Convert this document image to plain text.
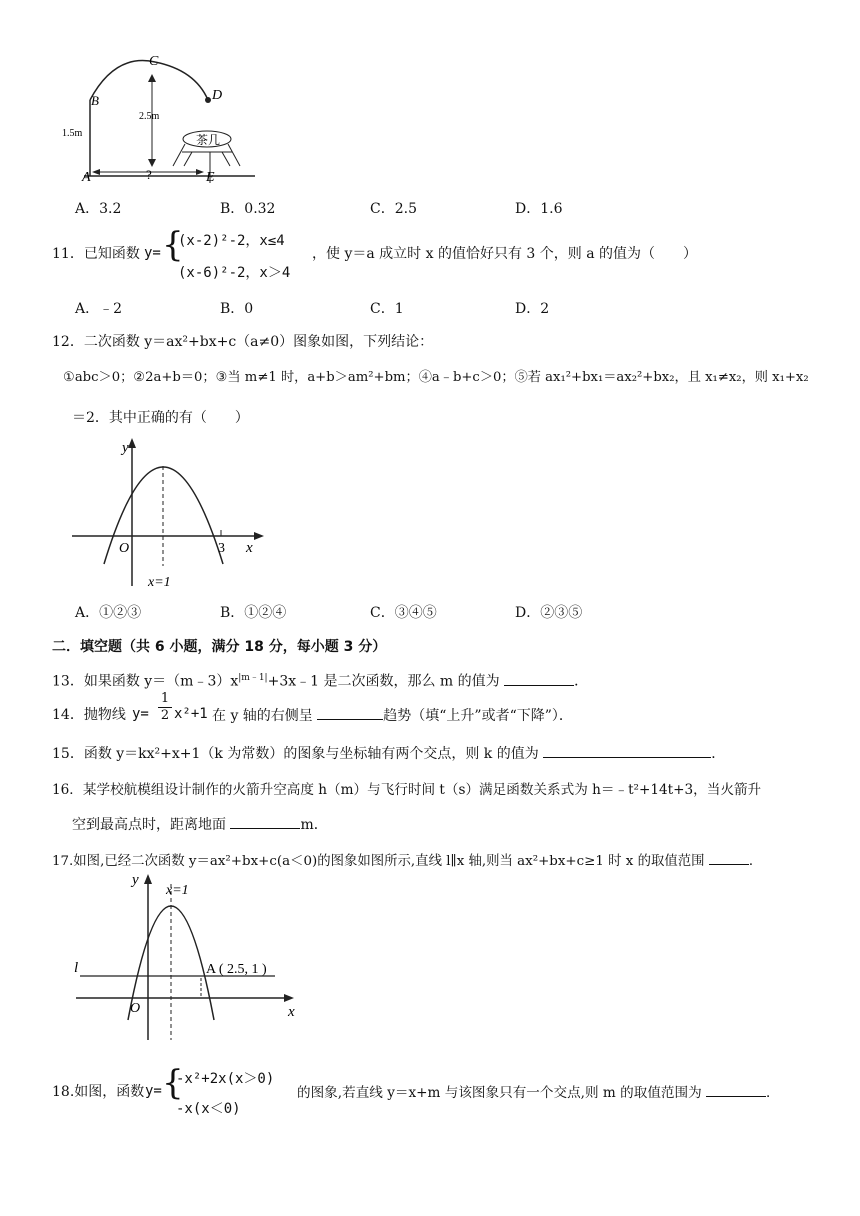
茶几
C
B	D
A	E
1.5m
2.5m
?
A．3.2	B．0.32	C．2.5	D．1.6
11．已知函数 y= {
(x-2)²-2，x≤4
(x-6)²-2，x＞4
，使 y＝a 成立时 x 的值恰好只有 3 个，则 a 的值为（　　）
A．﹣2	B．0	C．1	D．2
12．二次函数 y＝ax²+bx+c（a≠0）图象如图，下列结论：
①abc＞0；②2a+b＝0；③当 m≠1 时，a+b＞am²+bm；④a﹣b+c＞0；⑤若 ax₁²+bx₁＝ax₂²+bx₂，且 x₁≠x₂，则 x₁+x₂
＝2．其中正确的有（　　）
y
x
O	3
x=1
A．①②③	B．①②④	C．③④⑤	D．②③⑤
二．填空题（共 6 小题，满分 18 分，每小题 3 分）
13．如果函数 $y=(m﹣3)x^{|m﹣1|}+3x﹣1$ 是二次函数，那么 m 的值为	．
14．抛物线 $y= \frac{1}{2} x^2+1$ 在 y 轴的右侧呈	趋势（填“上升”或者“下降”）．
15．函数 y＝kx²+x+1（k 为常数）的图象与坐标轴有两个交点，则 k 的值为	．
16．某学校航模组设计制作的火箭升空高度 h（m）与飞行时间 t（s）满足函数关系式为 h＝﹣t²+14t+3，当火箭升
空到最高点时，距离地面	m．
17.如图,已经二次函数 y＝ax²+bx+c(a＜0)的图象如图所示,直线 l∥x 轴,则当 ax²+bx+c≥1 时 x 的取值范围	．
y
x
O
l
x=1
A ( 2.5, 1 )
18.如图，函数 y= {
-x²+2x(x＞0)
-x(x＜0)
的图象,若直线 y＝x+m 与该图象只有一个交点,则 m 的取值范围为	．
